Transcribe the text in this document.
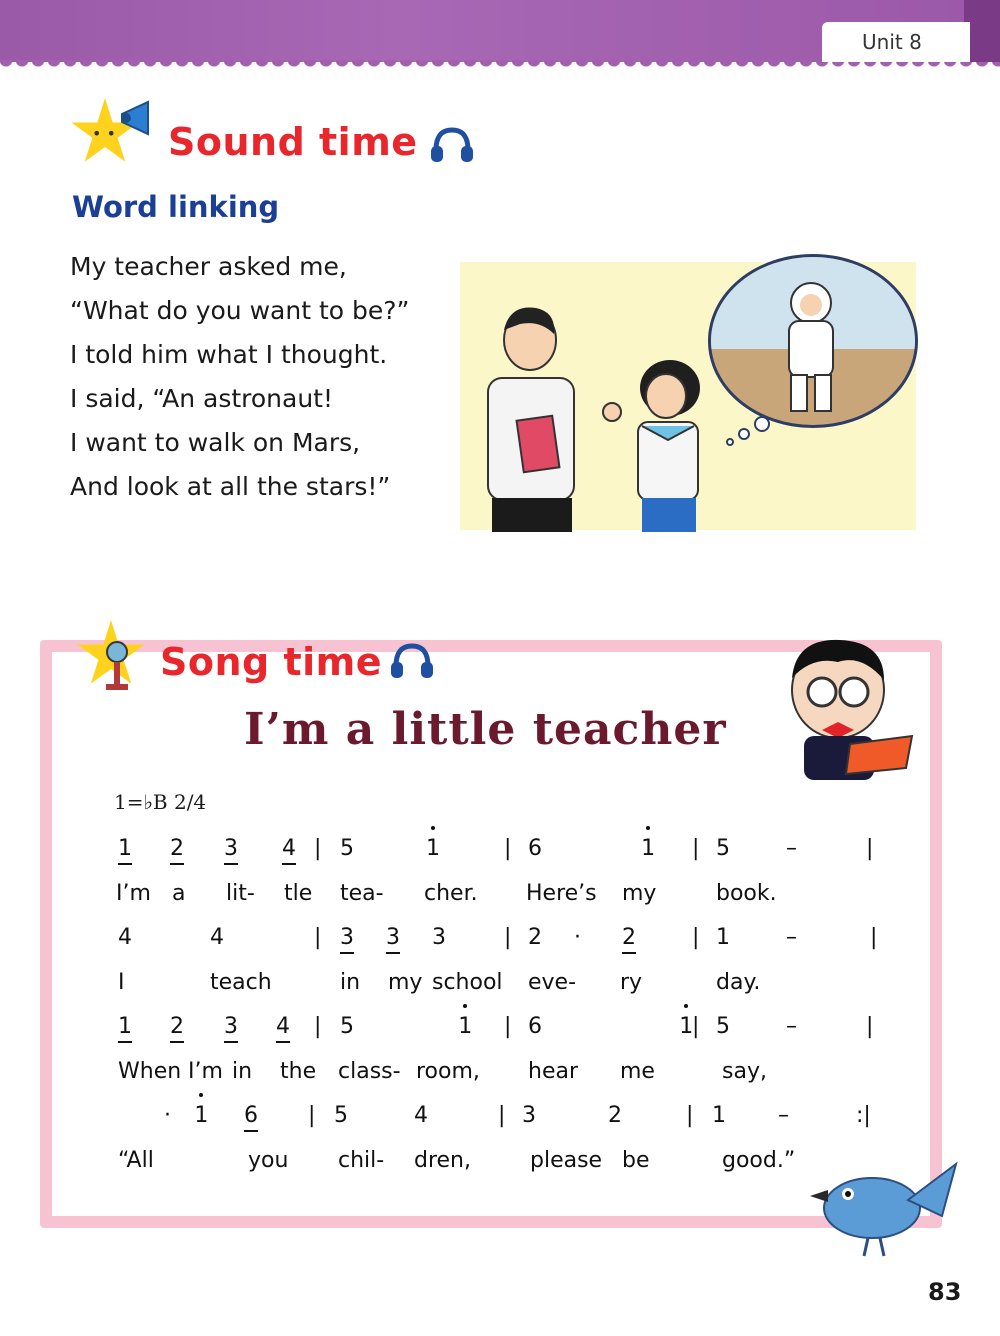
Unit 8
• • Sound time
Word linking
My teacher asked me,
“What do you want to be?”
I told him what I thought.
I said, “An astronaut!
I want to walk on Mars,
And look at all the stars!”
Song time
I’m a little teacher
1=♭B 2/4
1 2 3 4 | 5	1	| 6	1 | 5	–	|
I’m a lit- tle tea- cher. Here’s my	book.
4	4	| 3 3 3	| 2 · 2	| 1	–	|
I	teach	in my school eve- ry	day.
1 2 3 4 | 5	1 | 6	1
| 5	–	|
When I’m in the class- room, hear me	say,
1
·	6 | 5	4	| 3	2	| 1 –	:|
“All	you chil- dren,	please be	good.”
83
